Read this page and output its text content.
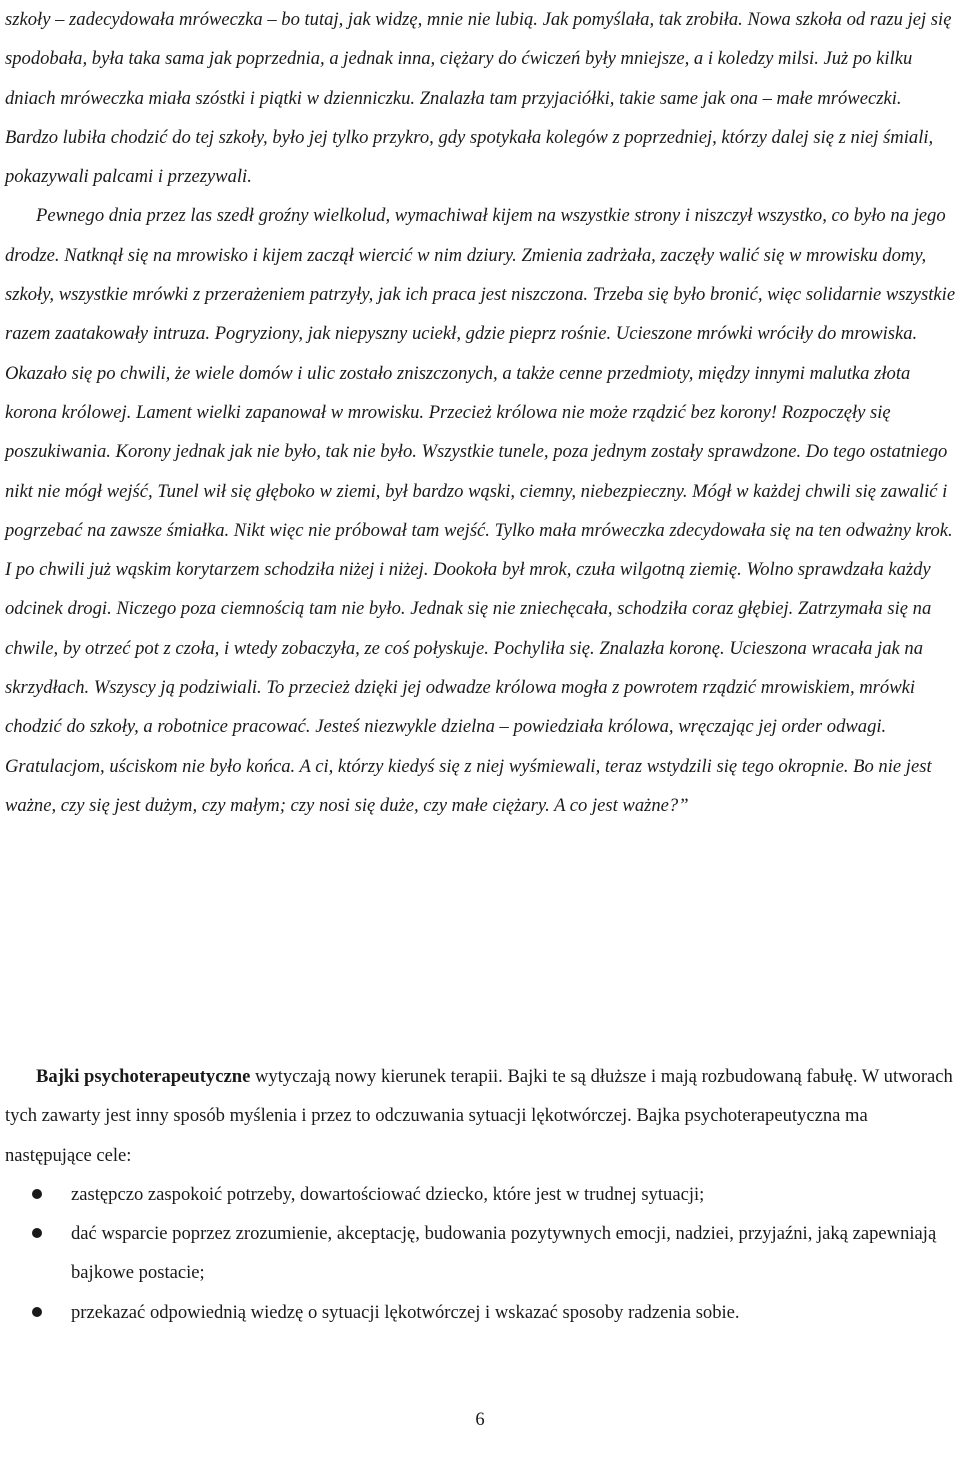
szkoły – zadecydowała mróweczka – bo tutaj, jak widzę, mnie nie lubią. Jak pomyślała, tak zrobiła. Nowa szkoła od razu jej się spodobała, była taka sama jak poprzednia, a jednak inna, ciężary do ćwiczeń były mniejsze, a i koledzy milsi. Już po kilku dniach mróweczka miała szóstki i piątki w dzienniczku. Znalazła tam przyjaciółki, takie same jak ona – małe mróweczki. Bardzo lubiła chodzić do tej szkoły, było jej tylko przykro, gdy spotykała kolegów z poprzedniej, którzy dalej się z niej śmiali, pokazywali palcami i przezywali.

Pewnego dnia przez las szedł groźny wielkolud, wymachiwał kijem na wszystkie strony i niszczył wszystko, co było na jego drodze. Natknął się na mrowisko i kijem zaczął wiercić w nim dziury. Zmienia zadrżała, zaczęły walić się w mrowisku domy, szkoły, wszystkie mrówki z przerażeniem patrzyły, jak ich praca jest niszczona. Trzeba się było bronić, więc solidarnie wszystkie razem zaatakowały intruza. Pogryziony, jak niepyszny uciekł, gdzie pieprz rośnie. Ucieszone mrówki wróciły do mrowiska. Okazało się po chwili, że wiele domów i ulic zostało zniszczonych, a także cenne przedmioty, między innymi malutka złota korona królowej. Lament wielki zapanował w mrowisku. Przecież królowa nie może rządzić bez korony! Rozpoczęły się poszukiwania. Korony jednak jak nie było, tak nie było. Wszystkie tunele, poza jednym zostały sprawdzone. Do tego ostatniego nikt nie mógł wejść, Tunel wił się głęboko w ziemi, był bardzo wąski, ciemny, niebezpieczny. Mógł w każdej chwili się zawalić i pogrzebać na zawsze śmiałka. Nikt więc nie próbował tam wejść. Tylko mała mróweczka zdecydowała się na ten odważny krok. I po chwili już wąskim korytarzem schodziła niżej i niżej. Dookoła był mrok, czuła wilgotną ziemię. Wolno sprawdzała każdy odcinek drogi. Niczego poza ciemnością tam nie było. Jednak się nie zniechęcała, schodziła coraz głębiej. Zatrzymała się na chwile, by otrzeć pot z czoła, i wtedy zobaczyła, ze coś połyskuje. Pochyliła się. Znalazła koronę. Ucieszona wracała jak na skrzydłach. Wszyscy ją podziwiali. To przecież dzięki jej odwadze królowa mogła z powrotem rządzić mrowiskiem, mrówki chodzić do szkoły, a robotnice pracować. Jesteś niezwykle dzielna – powiedziała królowa, wręczając jej order odwagi. Gratulacjom, uściskom nie było końca. A ci, którzy kiedyś się z niej wyśmiewali, teraz wstydzili się tego okropnie. Bo nie jest ważne, czy się jest dużym, czy małym; czy nosi się duże, czy małe ciężary. A co jest ważne?”

Bajki psychoterapeutyczne wytyczają nowy kierunek terapii. Bajki te są dłuższe i mają rozbudowaną fabułę. W utworach tych zawarty jest inny sposób myślenia i przez to odczuwania sytuacji lękotwórczej. Bajka psychoterapeutyczna ma następujące cele:

zastępczo zaspokoić potrzeby, dowartościować dziecko, które jest w trudnej sytuacji;
dać wsparcie poprzez zrozumienie, akceptację, budowania pozytywnych emocji, nadziei, przyjaźni, jaką zapewniają bajkowe postacie;
przekazać odpowiednią wiedzę o sytuacji lękotwórczej i wskazać sposoby radzenia sobie.
6
